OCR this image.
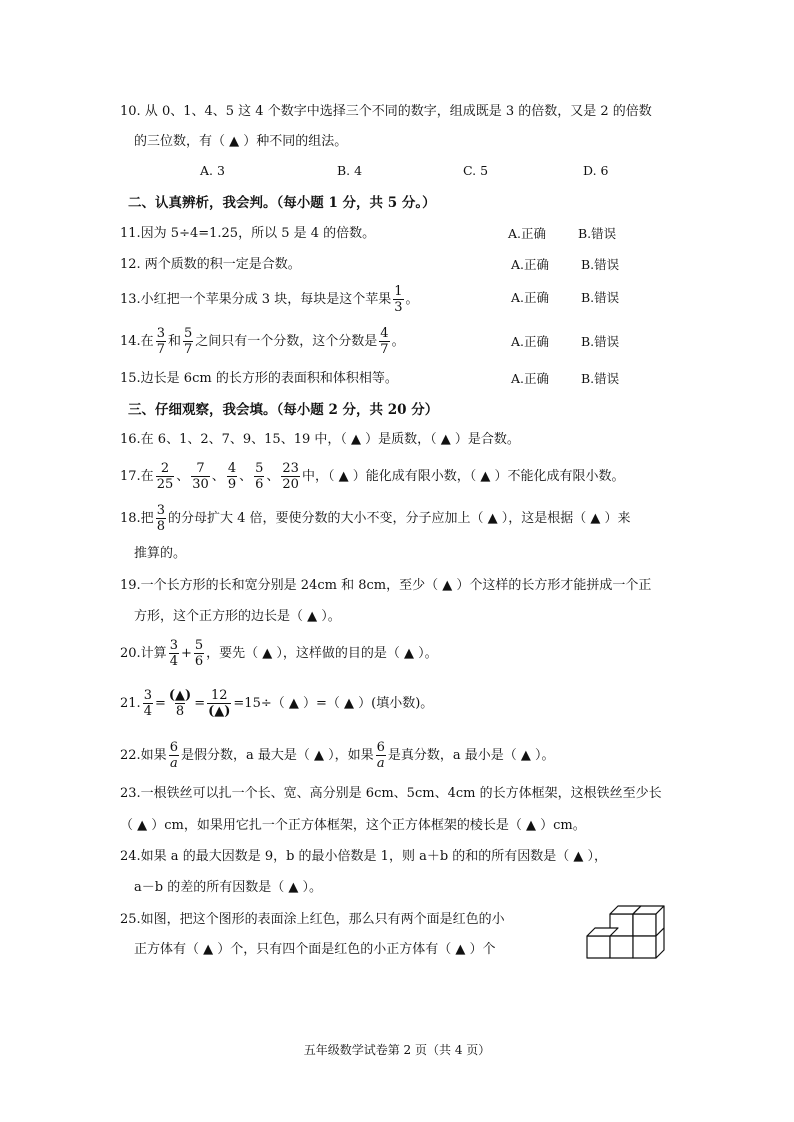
10. 从 0、1、4、5 这 4 个数字中选择三个不同的数字，组成既是 3 的倍数，又是 2 的倍数
的三位数，有（ ▲ ）种不同的组法。
A. 3	B. 4	C. 5	D. 6
二、认真辨析，我会判。（每小题 1 分，共 5 分。）
11.因为 5÷4=1.25，所以 5 是 4 的倍数。	A.正确	B.错误
12. 两个质数的积一定是合数。	A.正确	B.错误
13.小红把一个苹果分成 3 块，每块是这个苹果 $\frac{1}{3}$ 。	A.正确	B.错误
14.在 $\frac{3}{7}$ 和 $\frac{5}{7}$ 之间只有一个分数，这个分数是 $\frac{4}{7}$ 。	A.正确	B.错误
15.边长是 6cm 的长方形的表面积和体积相等。	A.正确	B.错误
三、仔细观察，我会填。（每小题 2 分，共 20 分）
16.在 6、1、2、7、9、15、19 中，（ ▲ ）是质数，（ ▲ ）是合数。
17.在 $\frac{2}{25}$ 、 $\frac{7}{30}$ 、 $\frac{4}{9}$ 、 $\frac{5}{6}$ 、 $\frac{23}{20}$ 中，（ ▲ ）能化成有限小数，（ ▲ ）不能化成有限小数。
18.把 $\frac{3}{8}$ 的分母扩大 4 倍，要使分数的大小不变，分子应加上（ ▲ ），这是根据（ ▲ ）来
推算的。
19.一个长方形的长和宽分别是 24cm 和 8cm，至少（ ▲ ）个这样的长方形才能拼成一个正
方形，这个正方形的边长是（ ▲ ）。
20.计算 $\frac{3}{4} + \frac{5}{6}$ ，要先（ ▲ ），这样做的目的是（ ▲ ）。
21. $\frac{3}{4}$ =
(▲)
8
=
12
(▲)
=15÷（ ▲ ）=（ ▲ ）(填小数)。
22.如果 $\frac{6}{a}$ 是假分数，a 最大是（ ▲ ），如果 $\frac{6}{a}$ 是真分数，a 最小是（ ▲ ）。
23.一根铁丝可以扎一个长、宽、高分别是 6cm、5cm、4cm 的长方体框架，这根铁丝至少长
（ ▲ ）cm，如果用它扎一个正方体框架，这个正方体框架的棱长是（ ▲ ）cm。
24.如果 a 的最大因数是 9，b 的最小倍数是 1，则 a＋b 的和的所有因数是（ ▲ ），
a－b 的差的所有因数是（ ▲ ）。
25.如图，把这个图形的表面涂上红色，那么只有两个面是红色的小
正方体有（ ▲ ）个，只有四个面是红色的小正方体有（ ▲ ）个
五年级数学试卷第 2 页（共 4 页）
